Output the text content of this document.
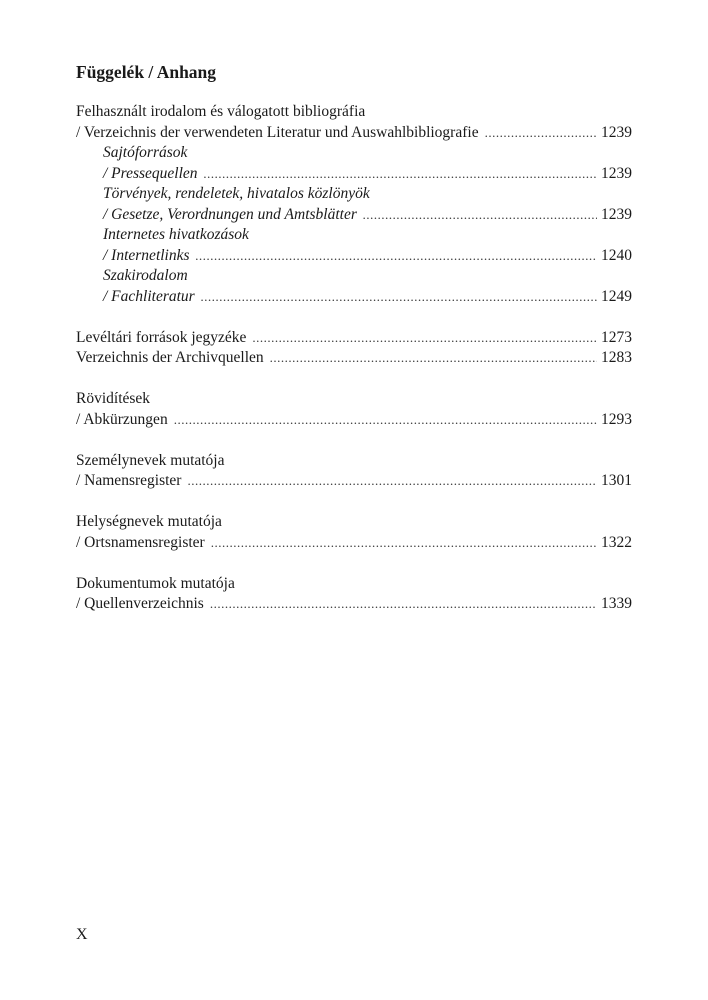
Függelék / Anhang
Felhasznált irodalom és válogatott bibliográfia
/ Verzeichnis der verwendeten Literatur und Auswahlbibliografie .....	1239
Sajtóforrások
/ Pressequellen .....	1239
Törvények, rendeletek, hivatalos közlönyök
/ Gesetze, Verordnungen und Amtsblätter .....	1239
Internetes hivatkozások
/ Internetlinks .....	1240
Szakirodalom
/ Fachliteratur .....	1249
Levéltári források jegyzéke .....	1273
Verzeichnis der Archivquellen .....	1283
Rövidítések
/ Abkürzungen .....	1293
Személynevek mutatója
/ Namensregister .....	1301
Helységnevek mutatója
/ Ortsnamensregister .....	1322
Dokumentumok mutatója
/ Quellenverzeichnis .....	1339
X
